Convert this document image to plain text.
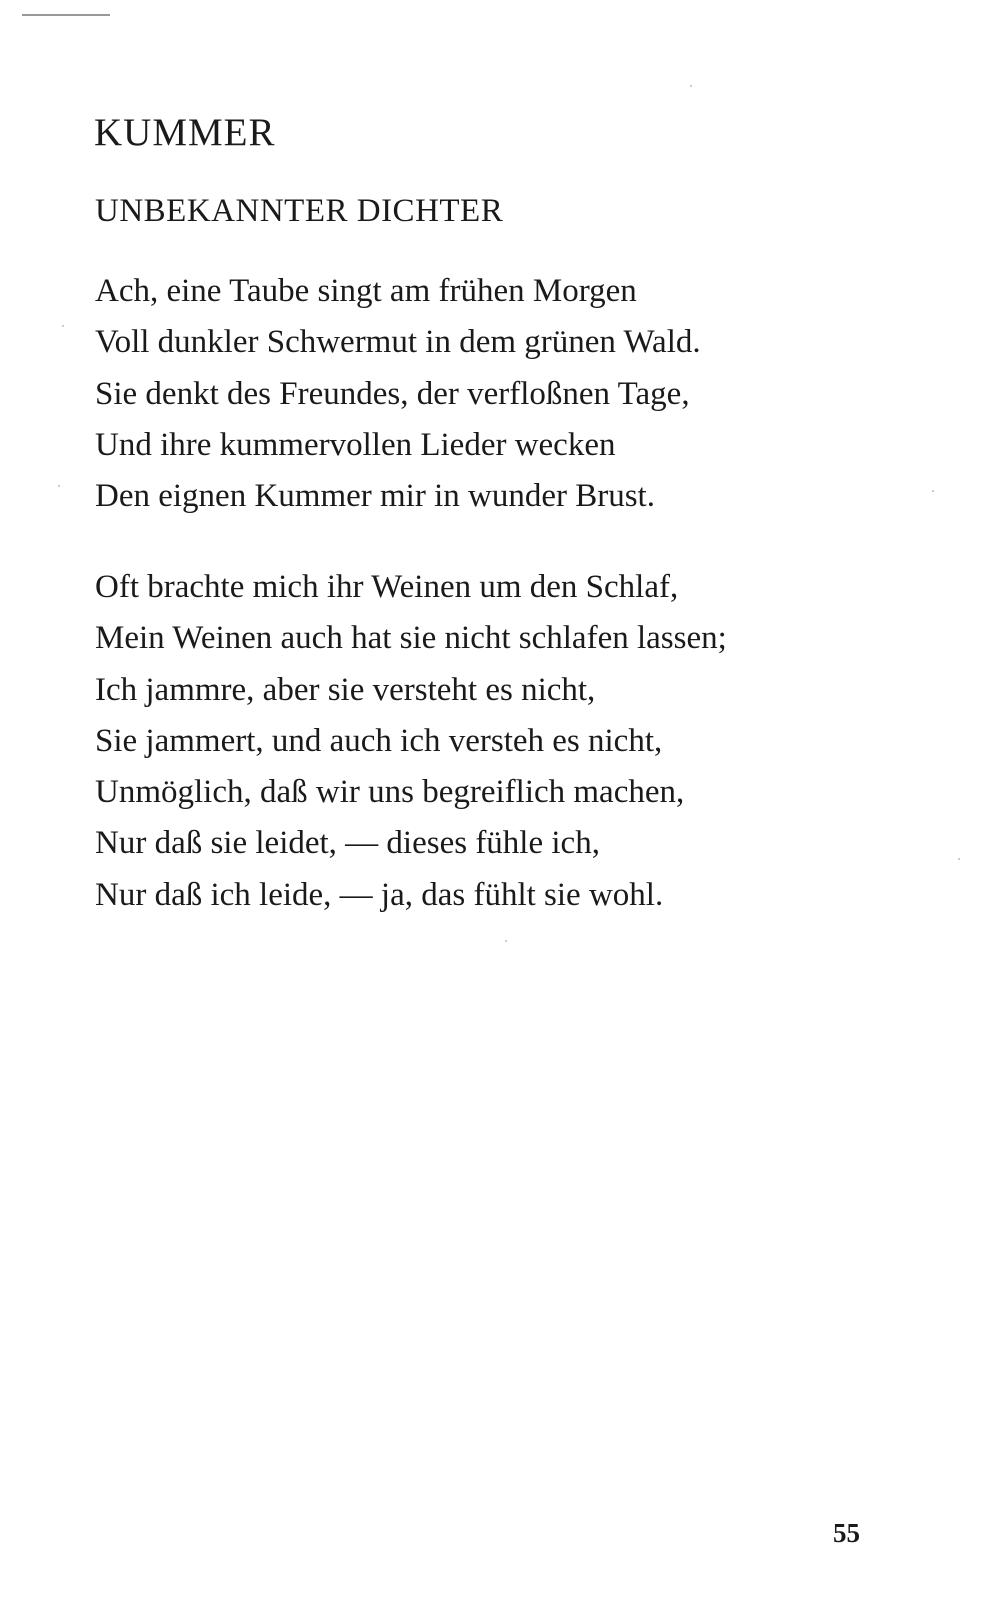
KUMMER
UNBEKANNTER DICHTER
Ach, eine Taube singt am frühen Morgen
Voll dunkler Schwermut in dem grünen Wald.
Sie denkt des Freundes, der verfloßnen Tage,
Und ihre kummervollen Lieder wecken
Den eignen Kummer mir in wunder Brust.
Oft brachte mich ihr Weinen um den Schlaf,
Mein Weinen auch hat sie nicht schlafen lassen;
Ich jammre, aber sie versteht es nicht,
Sie jammert, und auch ich versteh es nicht,
Unmöglich, daß wir uns begreiflich machen,
Nur daß sie leidet, — dieses fühle ich,
Nur daß ich leide, — ja, das fühlt sie wohl.
55
